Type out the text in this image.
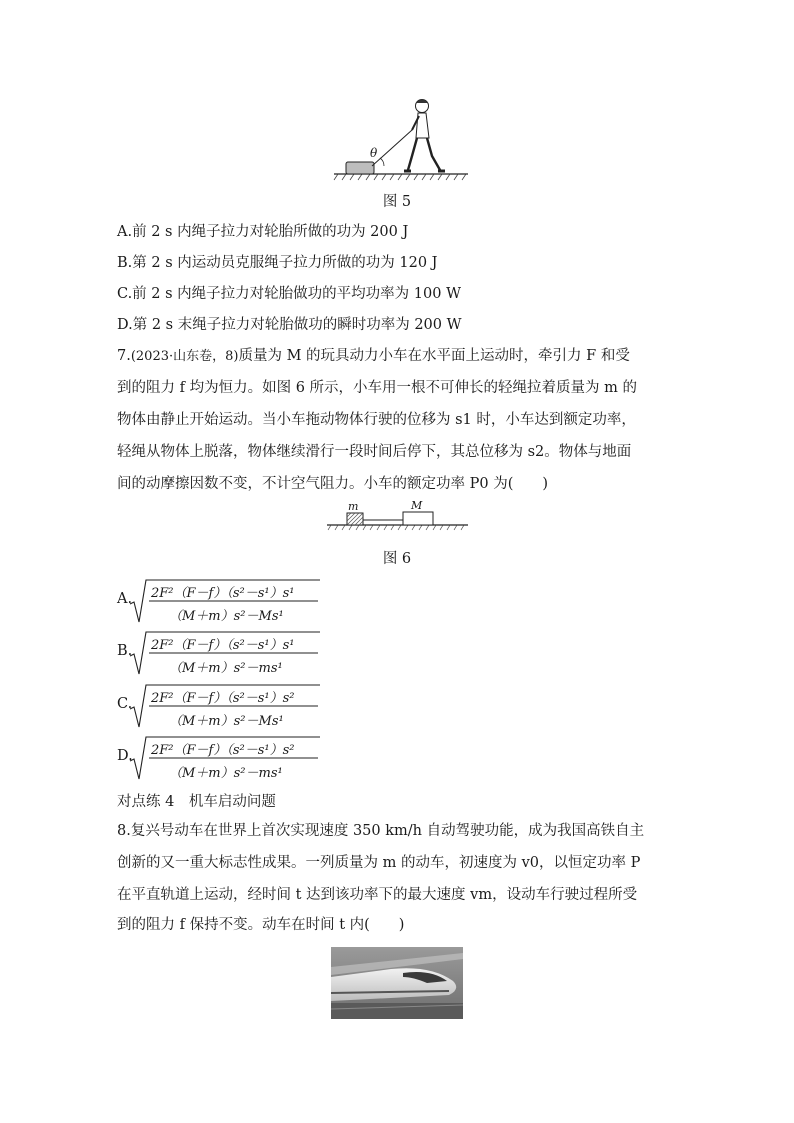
θ
图 5
A.前 2 s 内绳子拉力对轮胎所做的功为 200 J
B.第 2 s 内运动员克服绳子拉力所做的功为 120 J
C.前 2 s 内绳子拉力对轮胎做功的平均功率为 100 W
D.第 2 s 末绳子拉力对轮胎做功的瞬时功率为 200 W
7.(2023·山东卷，8)质量为 M 的玩具动力小车在水平面上运动时，牵引力 F 和受
到的阻力 f 均为恒力。如图 6 所示，小车用一根不可伸长的轻绳拉着质量为 m 的
物体由静止开始运动。当小车拖动物体行驶的位移为 s1 时，小车达到额定功率，
轻绳从物体上脱落，物体继续滑行一段时间后停下，其总位移为 s2。物体与地面
间的动摩擦因数不变，不计空气阻力。小车的额定功率 P0 为(　　)
m	M
图 6
A. 2F²（F－f）（s²－s¹）s¹
（M＋m）s²－Ms¹
B. 2F²（F－f）（s²－s¹）s¹
（M＋m）s²－ms¹
C. 2F²（F－f）（s²－s¹）s²
（M＋m）s²－Ms¹
D. 2F²（F－f）（s²－s¹）s²
（M＋m）s²－ms¹
对点练 4　机车启动问题
8.复兴号动车在世界上首次实现速度 350 km/h 自动驾驶功能，成为我国高铁自主
创新的又一重大标志性成果。一列质量为 m 的动车，初速度为 v0，以恒定功率 P
在平直轨道上运动，经时间 t 达到该功率下的最大速度 vm，设动车行驶过程所受
到的阻力 f 保持不变。动车在时间 t 内(　　)
